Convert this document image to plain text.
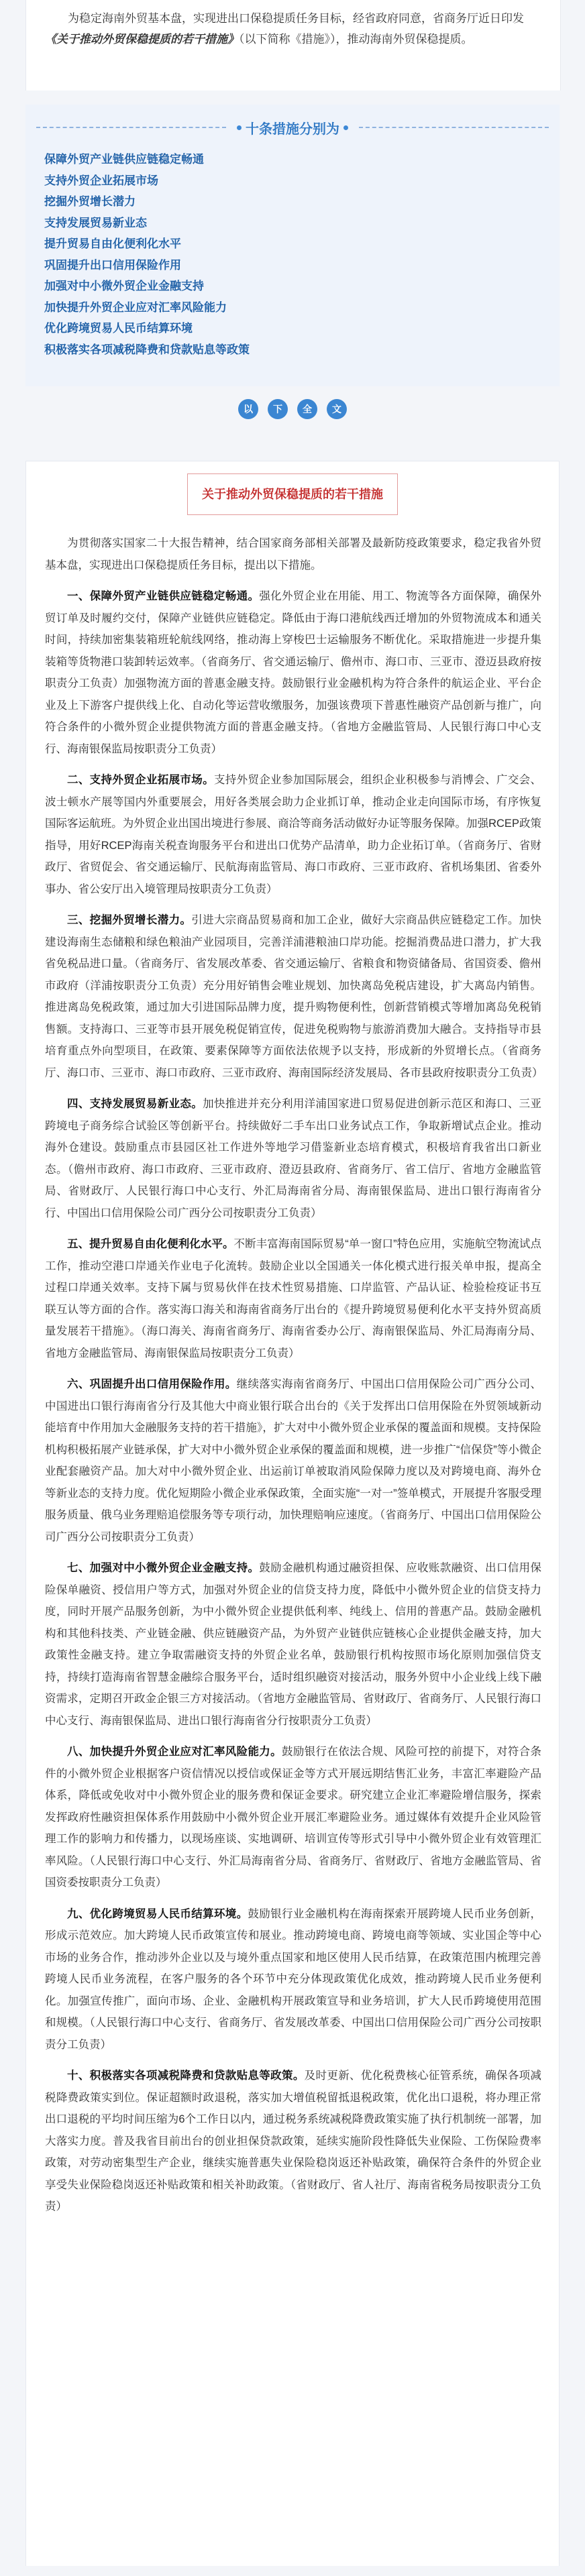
为稳定海南外贸基本盘，实现进出口保稳提质任务目标，经省政府同意，省商务厅近日印发《关于推动外贸保稳提质的若干措施》（以下简称《措施》），推动海南外贸保稳提质。

十条措施分别为
保障外贸产业链供应链稳定畅通
支持外贸企业拓展市场
挖掘外贸增长潜力
支持发展贸易新业态
提升贸易自由化便利化水平
巩固提升出口信用保险作用
加强对中小微外贸企业金融支持
加快提升外贸企业应对汇率风险能力
优化跨境贸易人民币结算环境
积极落实各项减税降费和贷款贴息等政策
以	下	全	文
关于推动外贸保稳提质的若干措施

为贯彻落实国家二十大报告精神，结合国家商务部相关部署及最新防疫政策要求，稳定我省外贸基本盘，实现进出口保稳提质任务目标，提出以下措施。

一、保障外贸产业链供应链稳定畅通。强化外贸企业在用能、用工、物流等各方面保障，确保外贸订单及时履约交付，保障产业链供应链稳定。降低由于海口港航线西迁增加的外贸物流成本和通关时间，持续加密集装箱班轮航线网络，推动海上穿梭巴士运输服务不断优化。采取措施进一步提升集装箱等货物港口装卸转运效率。（省商务厅、省交通运输厅、儋州市、海口市、三亚市、澄迈县政府按职责分工负责）加强物流方面的普惠金融支持。鼓励银行业金融机构为符合条件的航运企业、平台企业及上下游客户提供线上化、自动化等运营收缴服务，加强该费项下普惠性融资产品创新与推广，向符合条件的小微外贸企业提供物流方面的普惠金融支持。（省地方金融监管局、人民银行海口中心支行、海南银保监局按职责分工负责）

二、支持外贸企业拓展市场。支持外贸企业参加国际展会，组织企业积极参与消博会、广交会、波士顿水产展等国内外重要展会，用好各类展会助力企业抓订单，推动企业走向国际市场，有序恢复国际客运航班。为外贸企业出国出境进行参展、商洽等商务活动做好办证等服务保障。加强RCEP政策指导，用好RCEP海南关税查询服务平台和进出口优势产品清单，助力企业拓订单。（省商务厅、省财政厅、省贸促会、省交通运输厅、民航海南监管局、海口市政府、三亚市政府、省机场集团、省委外事办、省公安厅出入境管理局按职责分工负责）

三、挖掘外贸增长潜力。引进大宗商品贸易商和加工企业，做好大宗商品供应链稳定工作。加快建设海南生态储粮和绿色粮油产业园项目，完善洋浦港粮油口岸功能。挖掘消费品进口潜力，扩大我省免税品进口量。（省商务厅、省发展改革委、省交通运输厅、省粮食和物资储备局、省国资委、儋州市政府（洋浦按职责分工负责）充分用好销售会唯业规划、加快离岛免税店建设，扩大离岛内销售。推进离岛免税政策，通过加大引进国际品牌力度，提升购物便利性，创新营销模式等增加离岛免税销售额。支持海口、三亚等市县开展免税促销宣传，促进免税购物与旅游消费加大融合。支持指导市县培育重点外向型项目，在政策、要素保障等方面依法依规予以支持，形成新的外贸增长点。（省商务厅、海口市、三亚市、海口市政府、三亚市政府、海南国际经济发展局、各市县政府按职责分工负责）

四、支持发展贸易新业态。加快推进并充分利用洋浦国家进口贸易促进创新示范区和海口、三亚跨境电子商务综合试验区等创新平台。持续做好二手车出口业务试点工作，争取新增试点企业。推动海外仓建设。鼓励重点市县园区社工作进外等地学习借鉴新业态培育模式，积极培育我省出口新业态。（儋州市政府、海口市政府、三亚市政府、澄迈县政府、省商务厅、省工信厅、省地方金融监管局、省财政厅、人民银行海口中心支行、外汇局海南省分局、海南银保监局、进出口银行海南省分行、中国出口信用保险公司广西分公司按职责分工负责）

五、提升贸易自由化便利化水平。不断丰富海南国际贸易“单一窗口”特色应用，实施航空物流试点工作，推动空港口岸通关作业电子化流转。鼓励企业以全国通关一体化模式进行报关单申报，提高全过程口岸通关效率。支持下属与贸易伙伴在技术性贸易措施、口岸监管、产品认证、检验检疫证书互联互认等方面的合作。落实海口海关和海南省商务厅出台的《提升跨境贸易便利化水平支持外贸高质量发展若干措施》。（海口海关、海南省商务厅、海南省委办公厅、海南银保监局、外汇局海南分局、省地方金融监管局、海南银保监局按职责分工负责）

六、巩固提升出口信用保险作用。继续落实海南省商务厅、中国出口信用保险公司广西分公司、中国进出口银行海南省分行及其他大中商业银行联合出台的《关于发挥出口信用保险在外贸领域新动能培育中作用加大金融服务支持的若干措施》，扩大对中小微外贸企业承保的覆盖面和规模。支持保险机构积极拓展产业链承保，扩大对中小微外贸企业承保的覆盖面和规模，进一步推广“信保贷”等小微企业配套融资产品。加大对中小微外贸企业、出运前订单被取消风险保障力度以及对跨境电商、海外仓等新业态的支持力度。优化短期险小微企业承保政策，全面实施“一对一”签单模式，开展提升客服受理服务质量、俄乌业务理赔追偿服务等专项行动，加快理赔响应速度。（省商务厅、中国出口信用保险公司广西分公司按职责分工负责）

七、加强对中小微外贸企业金融支持。鼓励金融机构通过融资担保、应收账款融资、出口信用保险保单融资、授信用户等方式，加强对外贸企业的信贷支持力度，降低中小微外贸企业的信贷支持力度，同时开展产品服务创新，为中小微外贸企业提供低利率、纯线上、信用的普惠产品。鼓励金融机构和其他科技类、产业链金融、供应链融资产品，为外贸产业链供应链核心企业提供金融支持，加大政策性金融支持。建立争取需融资支持的外贸企业名单，鼓励银行机构按照市场化原则加强信贷支持，持续打造海南省智慧金融综合服务平台，适时组织融资对接活动，服务外贸中小企业线上线下融资需求，定期召开政金企银三方对接活动。（省地方金融监管局、省财政厅、省商务厅、人民银行海口中心支行、海南银保监局、进出口银行海南省分行按职责分工负责）

八、加快提升外贸企业应对汇率风险能力。鼓励银行在依法合规、风险可控的前提下，对符合条件的小微外贸企业根据客户资信情况以授信或保证金等方式开展远期结售汇业务，丰富汇率避险产品体系，降低或免收对中小微外贸企业的服务费和保证金要求。研究建立企业汇率避险增信服务，探索发挥政府性融资担保体系作用鼓励中小微外贸企业开展汇率避险业务。通过媒体有效提升企业风险管理工作的影响力和传播力，以现场座谈、实地调研、培训宣传等形式引导中小微外贸企业有效管理汇率风险。（人民银行海口中心支行、外汇局海南省分局、省商务厅、省财政厅、省地方金融监管局、省国资委按职责分工负责）

九、优化跨境贸易人民币结算环境。鼓励银行业金融机构在海南探索开展跨境人民币业务创新，形成示范效应。加大跨境人民币政策宣传和展业。推动跨境电商、跨境电商等领域、实业国企等中心市场的业务合作，推动涉外企业以及与境外重点国家和地区使用人民币结算，在政策范围内梳理完善跨境人民币业务流程，在客户服务的各个环节中充分体现政策优化成效，推动跨境人民币业务便利化。加强宣传推广，面向市场、企业、金融机构开展政策宣导和业务培训，扩大人民币跨境使用范围和规模。（人民银行海口中心支行、省商务厅、省发展改革委、中国出口信用保险公司广西分公司按职责分工负责）

十、积极落实各项减税降费和贷款贴息等政策。及时更新、优化税费核心征管系统，确保各项减税降费政策实到位。保证超额时政退税，落实加大增值税留抵退税政策，优化出口退税，将办理正常出口退税的平均时间压缩为6个工作日以内，通过税务系统减税降费政策实施了执行机制统一部署，加大落实力度。普及我省目前出台的创业担保贷款政策，延续实施阶段性降低失业保险、工伤保险费率政策，对劳动密集型生产企业，继续实施普惠失业保险稳岗返还补贴政策，确保符合条件的外贸企业享受失业保险稳岗返还补贴政策和相关补助政策。（省财政厅、省人社厅、海南省税务局按职责分工负责）
